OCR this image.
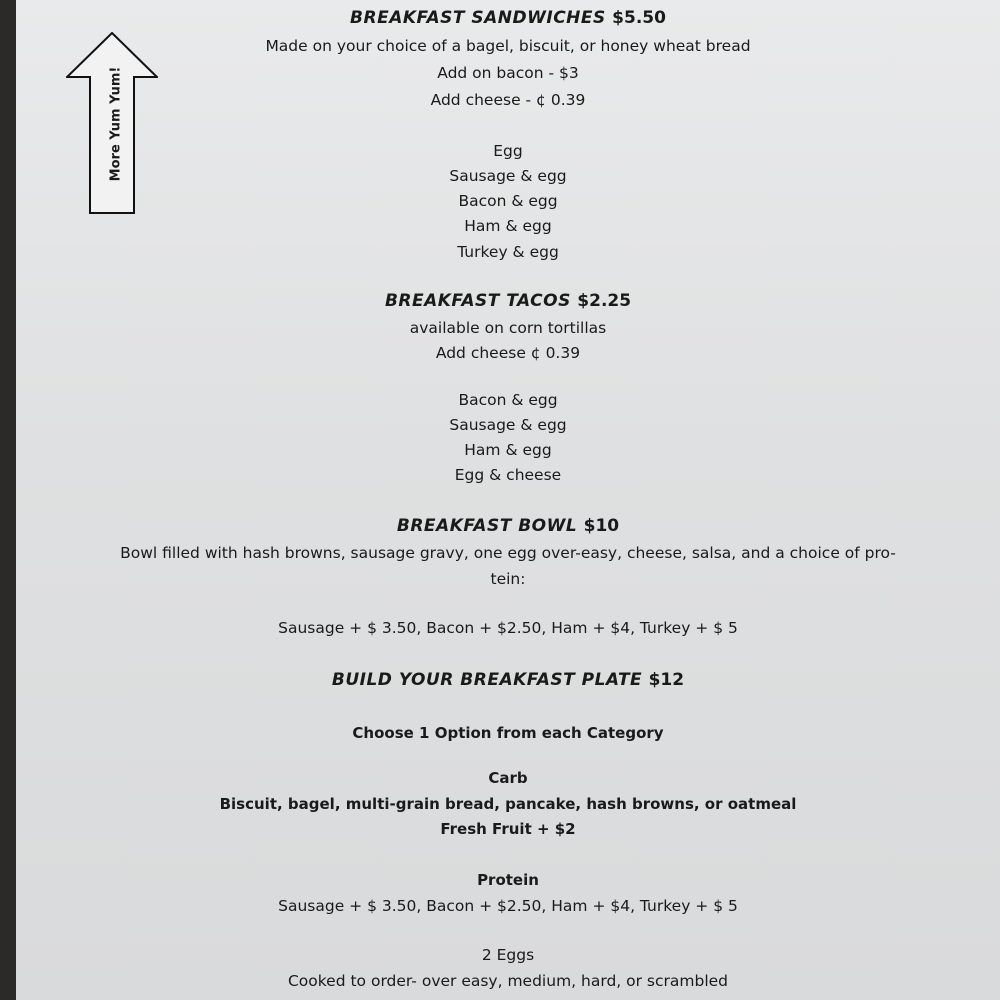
More Yum Yum!
BREAKFAST SANDWICHES $5.50
Made on your choice of a bagel, biscuit, or honey wheat bread
Add on bacon - $3
Add cheese - ¢ 0.39
Egg
Sausage & egg
Bacon & egg
Ham & egg
Turkey & egg
BREAKFAST TACOS $2.25
available on corn tortillas
Add cheese ¢ 0.39
Bacon & egg
Sausage & egg
Ham & egg
Egg & cheese
BREAKFAST BOWL $10
Bowl filled with hash browns, sausage gravy, one egg over-easy, cheese, salsa, and a choice of pro-
tein:
Sausage + $ 3.50, Bacon + $2.50, Ham + $4, Turkey + $ 5
BUILD YOUR BREAKFAST PLATE $12
Choose 1 Option from each Category
Carb
Biscuit, bagel, multi-grain bread, pancake, hash browns, or oatmeal
Fresh Fruit + $2
Protein
Sausage + $ 3.50, Bacon + $2.50, Ham + $4, Turkey + $ 5
2 Eggs
Cooked to order- over easy, medium, hard, or scrambled
